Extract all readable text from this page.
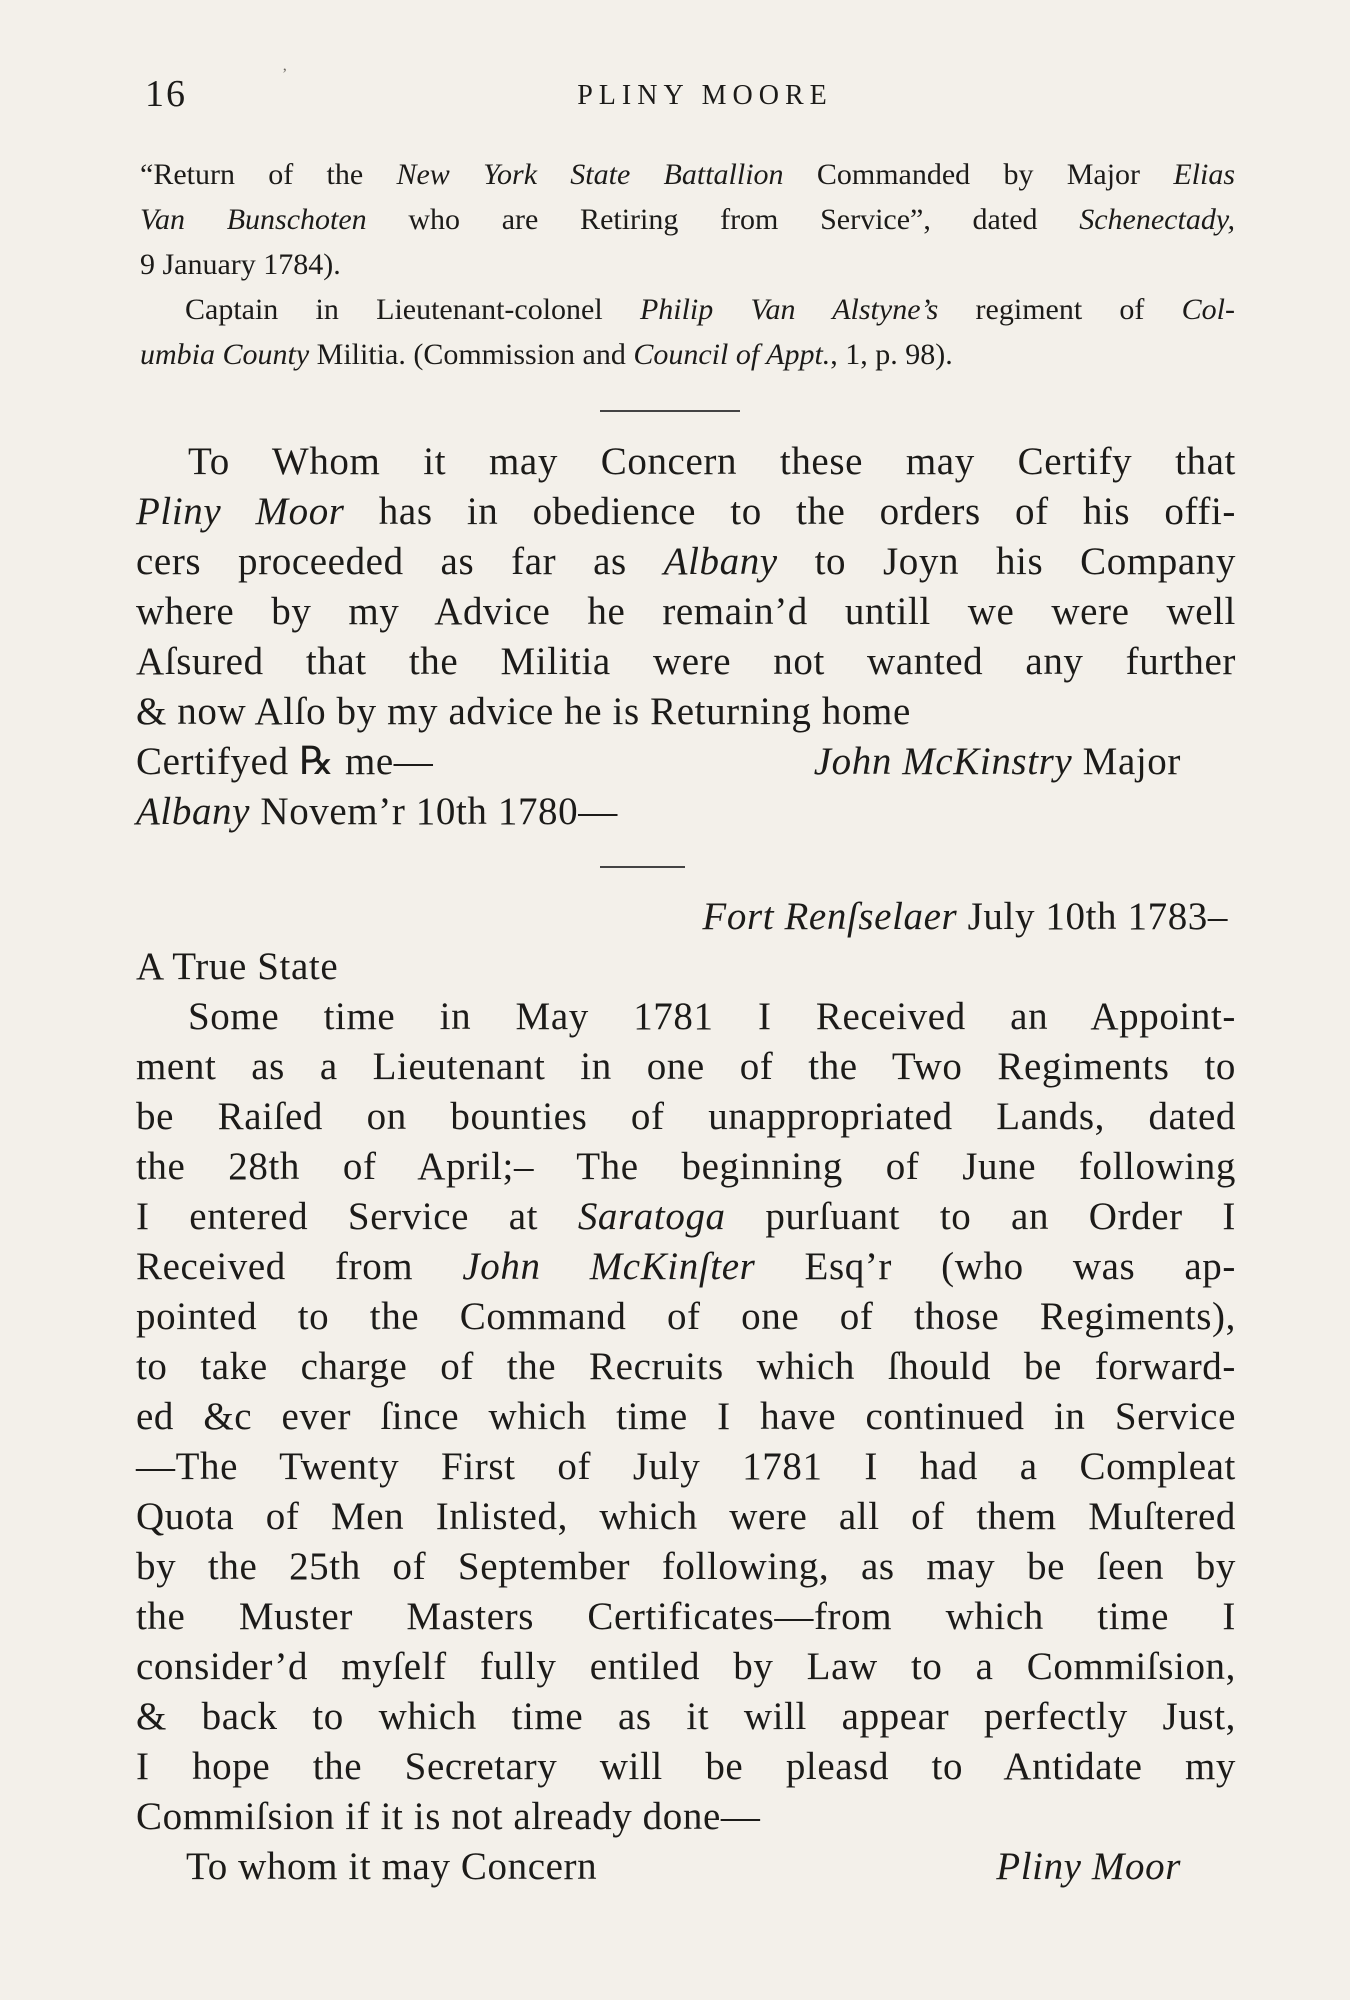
16	’
PLINY MOORE
“Return of the New York State Battallion Commanded by Major Elias
Van Bunschoten who are Retiring from Service”, dated Schenectady,
9 January 1784).
Captain in Lieutenant-colonel Philip Van Alstyne’s regiment of Col-
umbia County Militia. (Commission and Council of Appt., 1, p. 98).
To Whom it may Concern these may Certify that
Pliny Moor has in obedience to the orders of his offi-
cers proceeded as far as Albany to Joyn his Company
where by my Advice he remain’d untill we were well
Aſsured that the Militia were not wanted any further
& now Alſo by my advice he is Returning home
Certifyed ℞ me—	John McKinstry Major
Albany Novem’r 10th 1780—
Fort Renſselaer July 10th 1783–
A True State
Some time in May 1781 I Received an Appoint-
ment as a Lieutenant in one of the Two Regiments to
be Raiſed on bounties of unappropriated Lands, dated
the 28th of April;– The beginning of June following
I entered Service at Saratoga purſuant to an Order I
Received from John McKinſter Esq’r (who was ap-
pointed to the Command of one of those Regiments),
to take charge of the Recruits which ſhould be forward-
ed &c ever ſince which time I have continued in Service
—The Twenty First of July 1781 I had a Compleat
Quota of Men Inlisted, which were all of them Muſtered
by the 25th of September following, as may be ſeen by
the Muster Masters Certificates—from which time I
consider’d myſelf fully entiled by Law to a Commiſsion,
& back to which time as it will appear perfectly Just,
I hope the Secretary will be pleasd to Antidate my
Commiſsion if it is not already done—
To whom it may Concern	Pliny Moor
